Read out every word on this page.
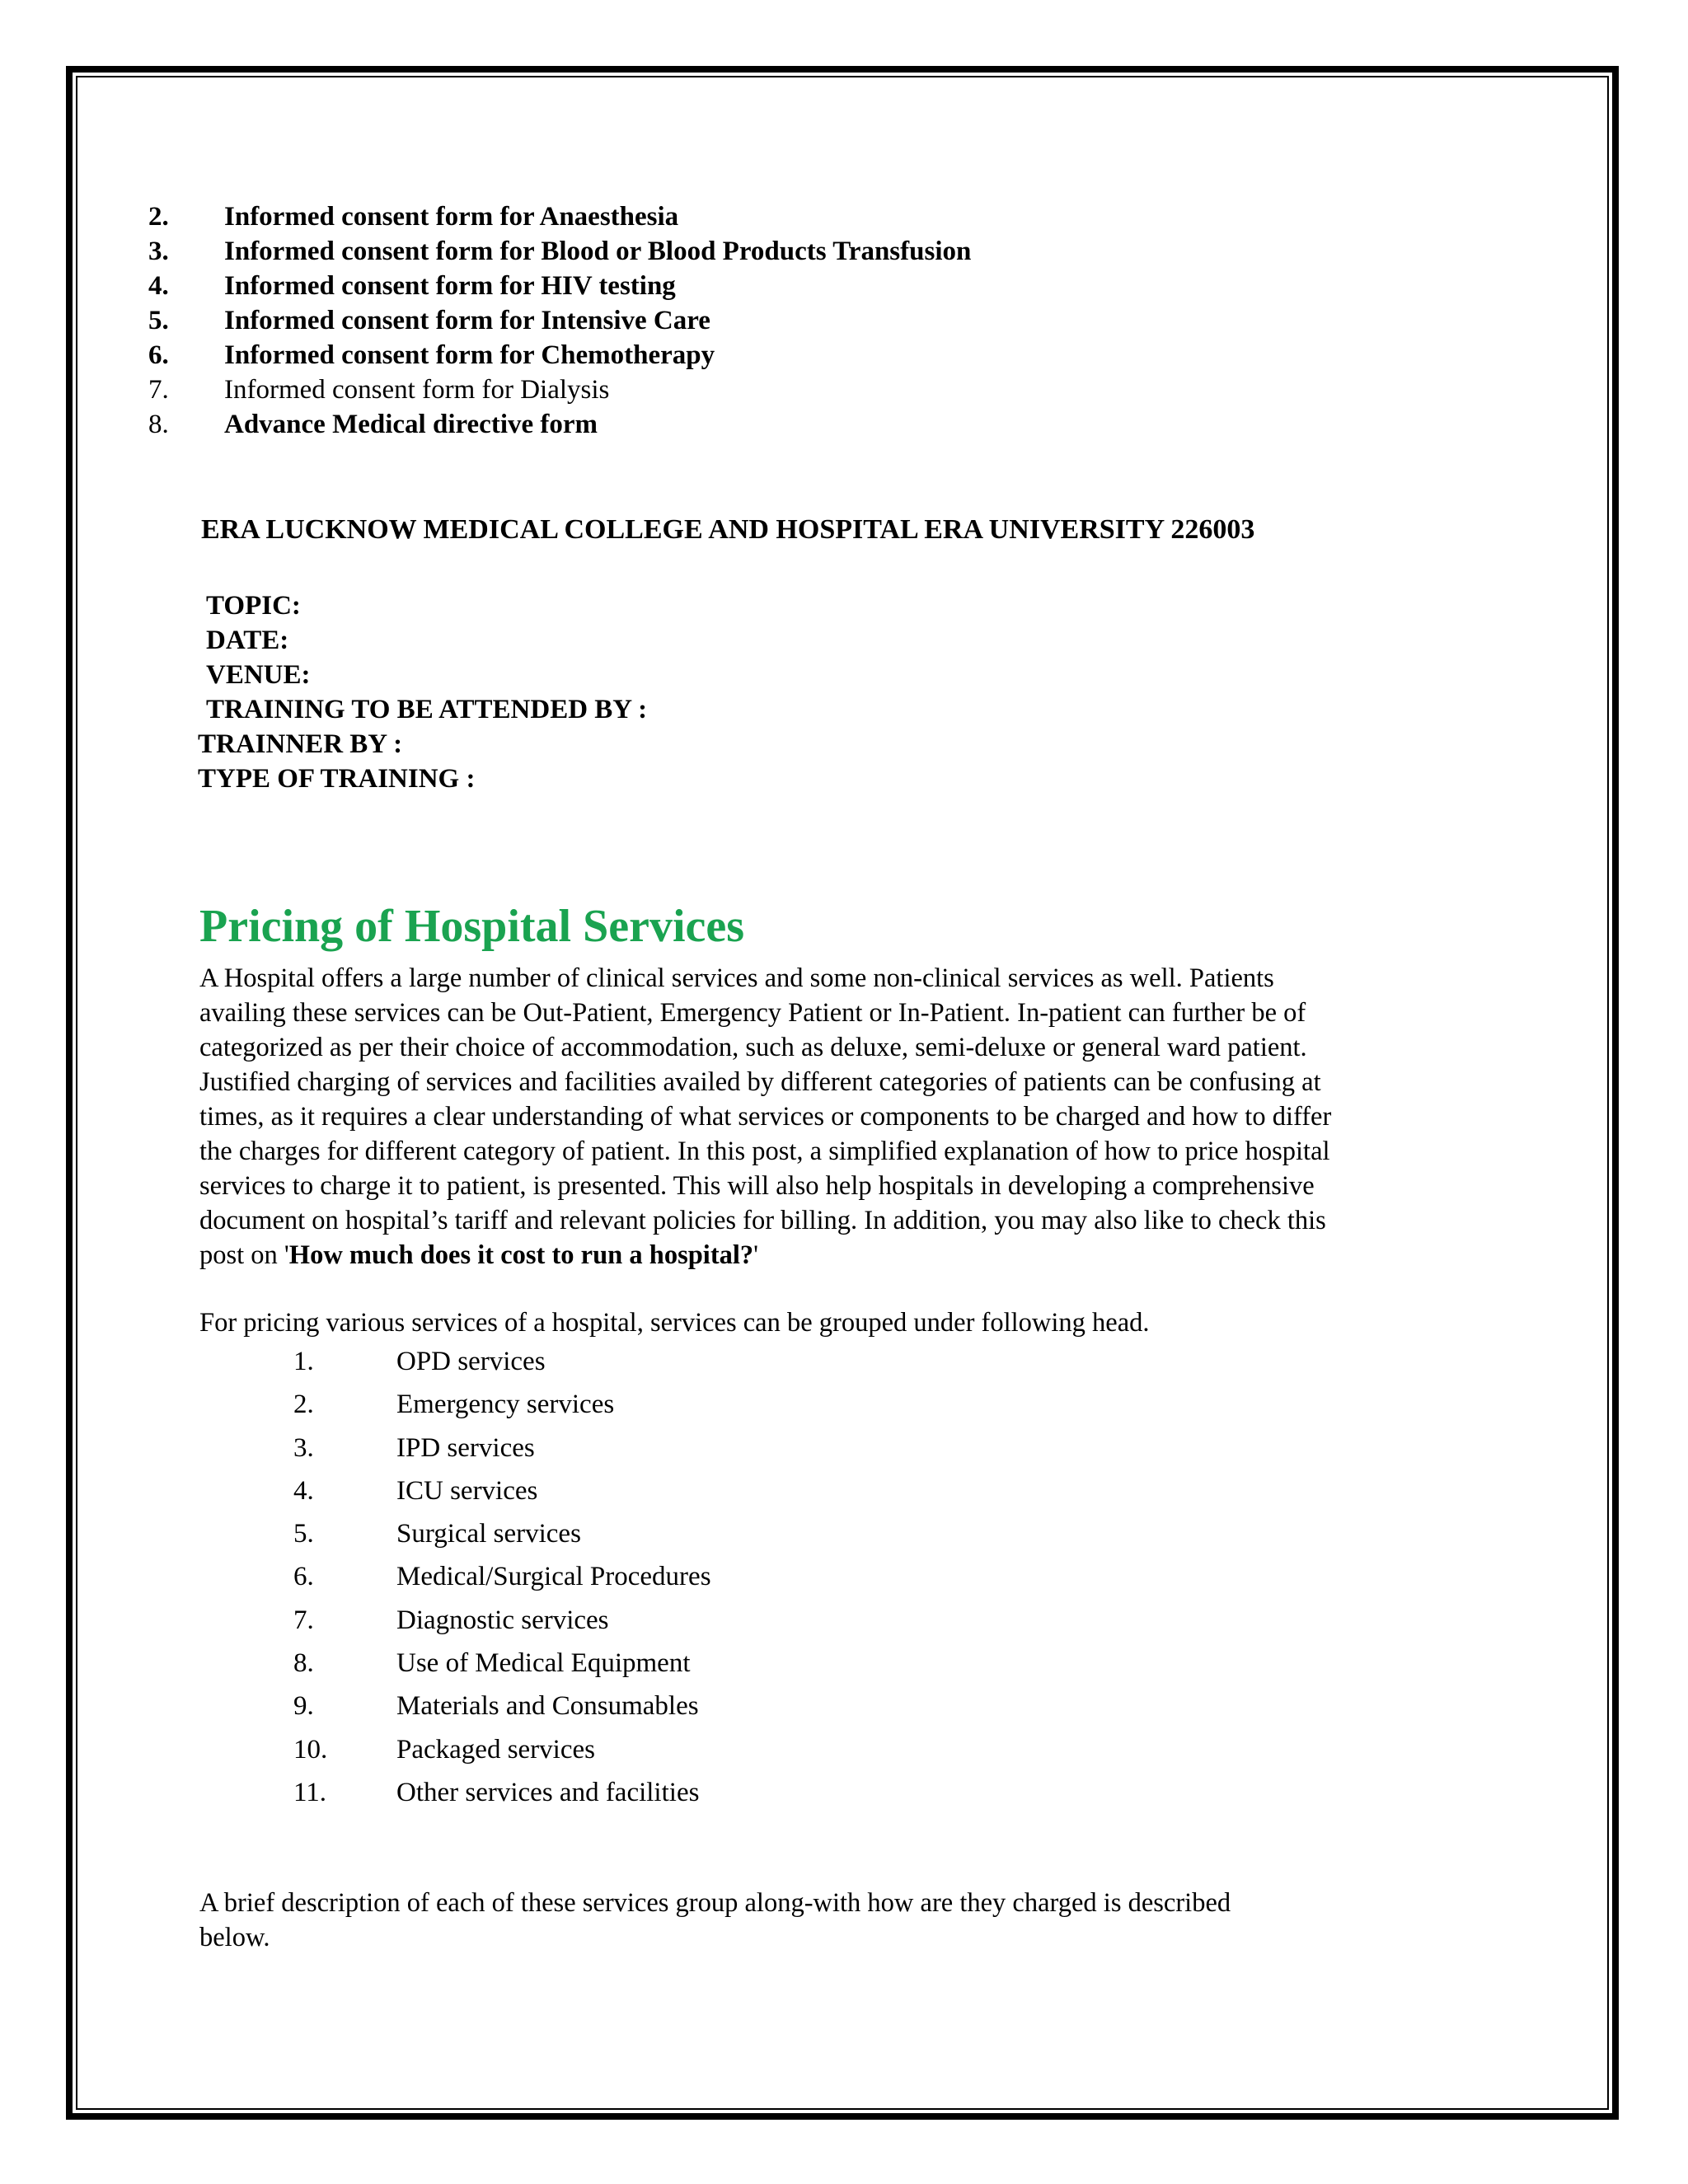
2. Informed consent form for Anaesthesia
3. Informed consent form for Blood or Blood Products Transfusion
4. Informed consent form for HIV testing
5. Informed consent form for Intensive Care
6. Informed consent form for Chemotherapy
7. Informed consent form for Dialysis
8. Advance Medical directive form
ERA LUCKNOW MEDICAL COLLEGE AND HOSPITAL ERA UNIVERSITY 226003
TOPIC:
DATE:
VENUE:
TRAINING TO BE ATTENDED BY :
TRAINNER BY :
TYPE OF TRAINING :
Pricing of Hospital Services

A Hospital offers a large number of clinical services and some non-clinical services as well. Patients
availing these services can be Out-Patient, Emergency Patient or In-Patient. In-patient can further be of
categorized as per their choice of accommodation, such as deluxe, semi-deluxe or general ward patient.
Justified charging of services and facilities availed by different categories of patients can be confusing at
times, as it requires a clear understanding of what services or components to be charged and how to differ
the charges for different category of patient. In this post, a simplified explanation of how to price hospital
services to charge it to patient, is presented. This will also help hospitals in developing a comprehensive
document on hospital’s tariff and relevant policies for billing. In addition, you may also like to check this
post on 'How much does it cost to run a hospital?'

For pricing various services of a hospital, services can be grouped under following head.
1.	OPD services
2.	Emergency services
3.	IPD services
4.	ICU services
5.	Surgical services
6.	Medical/Surgical Procedures
7.	Diagnostic services
8.	Use of Medical Equipment
9.	Materials and Consumables
10.	Packaged services
11.	Other services and facilities
A brief description of each of these services group along-with how are they charged is described
below.
